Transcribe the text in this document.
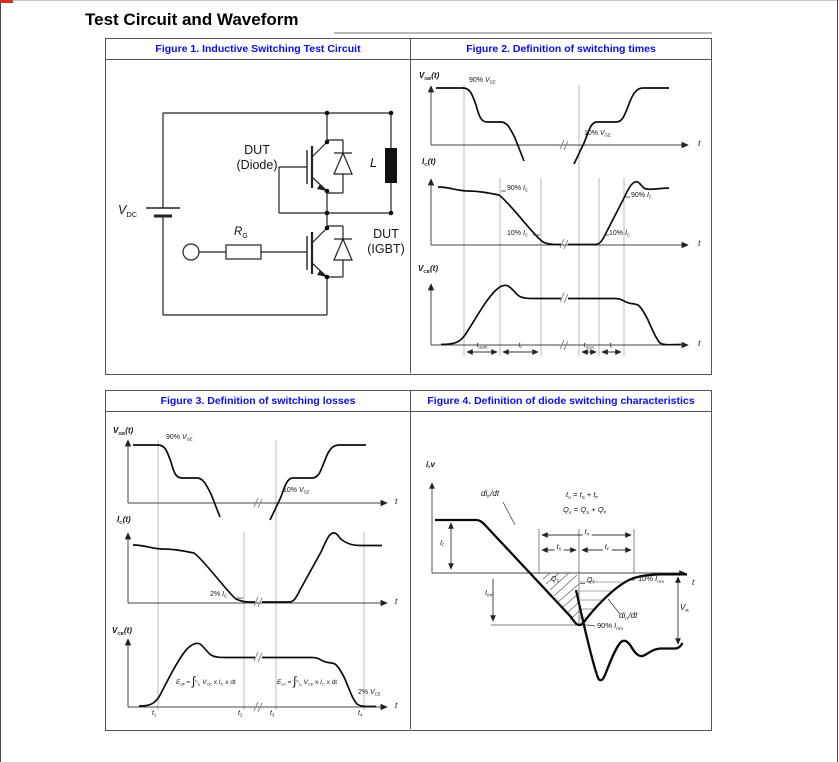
Test Circuit and Waveform
Figure 1. Inductive Switching Test Circuit	Figure 2. Definition of switching times
DUT
(Diode)	L
$V_{DC}$
$R_G$	DUT
(IGBT)
$V_{GE}(t)$
90% $V_{GE}$
10% $V_{GE}$
t
$I_C(t)$
90% $I_C$
10% $I_C$	10% $I_C$
90% $I_C$
t
$V_{CE}(t)$
t
$t_{d(off)}$	$t_f$	$t_{d(on)}$ $t_r$
Figure 3. Definition of switching losses	Figure 4. Definition of diode switching characteristics
$V_{GE}(t)$
90% $V_{GE}$
10% $V_{GE}$
t
$I_C(t)$
2% $I_C$	t
$V_{CE}(t)$
$E_{off} = \int^{t_2}_{t_1}$ $V_{CE}$ x $I_C$ x dt	$E_{on} = \int^{t_4}_{t_3}$ $V_{CE}$ x $I_C$ x dt
2% $V_{CE}$
t
$t_1$	$t_2$	$t_3$	$t_4$
i,v
$di_F/dt$	$t_{rr} = t_S + t_F$
$Q_{rr} = Q_S + Q_F$
$I_F$
$t_{rr}$
$t_S$	$t_F$
$I_{rrm}$
$Q_S$	$Q_F$	10% $I_{rrm}$
$di_{rr}/dt$
90% $I_{rrm}$
$V_R$
t
